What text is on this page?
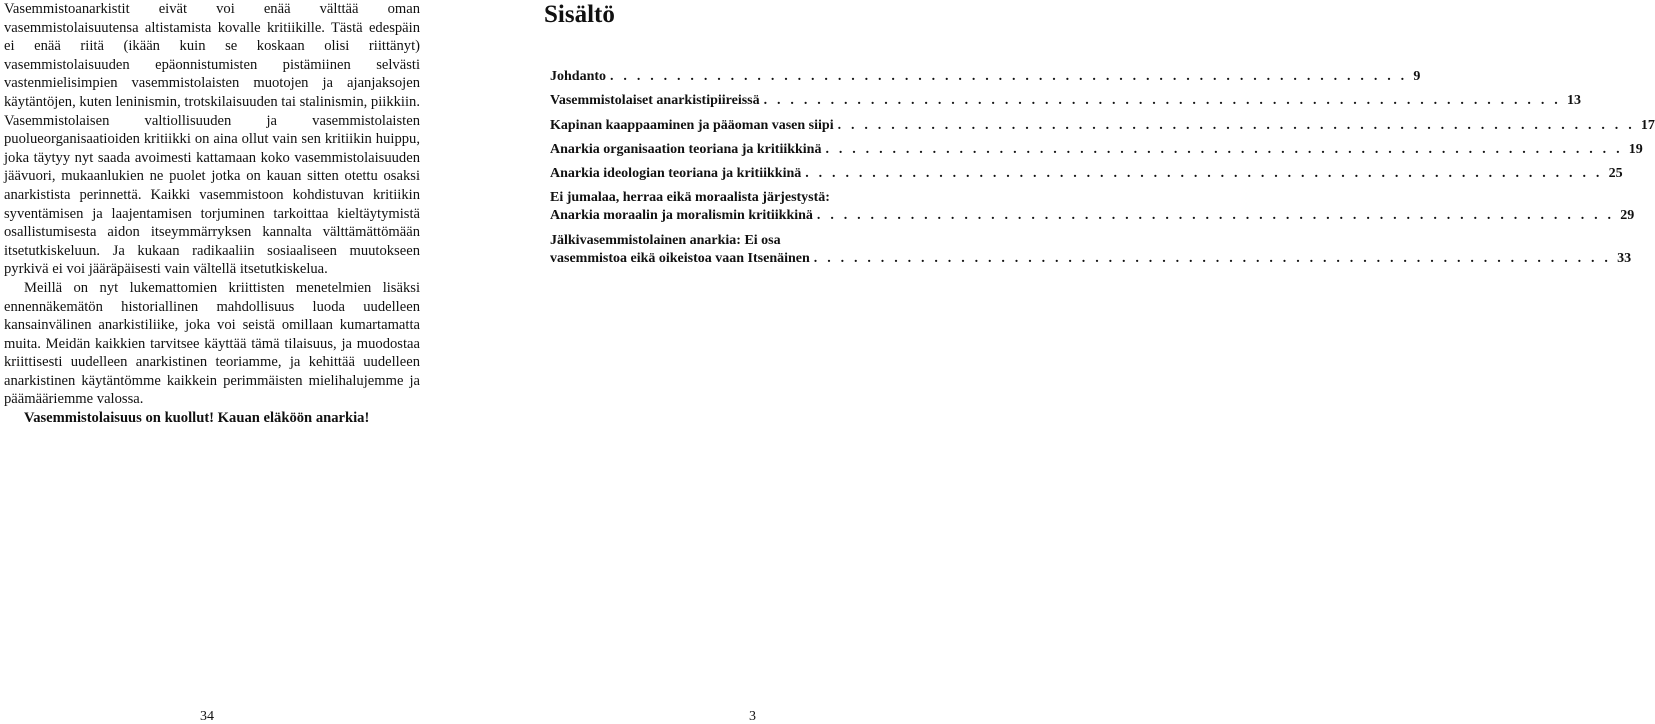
Vasemmistoanarkistit eivät voi enää välttää oman vasemmistolaisuutensa altistamista kovalle kritiikille. Tästä edespäin ei enää riitä (ikään kuin se koskaan olisi riittänyt) vasemmistolaisuuden epäonnistumisten pistämiinen selvästi vastenmielisimpien vasemmistolaisten muotojen ja ajanjaksojen käytäntöjen, kuten leninismin, trotskilaisuuden tai stalinismin, piikkiin. Vasemmistolaisen valtiollisuuden ja vasemmistolaisten puolueorganisaatioiden kritiikki on aina ollut vain sen kritiikin huippu, joka täytyy nyt saada avoimesti kattamaan koko vasemmistolaisuuden jäävuori, mukaanlukien ne puolet jotka on kauan sitten otettu osaksi anarkistista perinnettä. Kaikki vasemmistoon kohdistuvan kritiikin syventämisen ja laajentamisen torjuminen tarkoittaa kieltäytymistä osallistumisesta aidon itseymmärryksen kannalta välttämättömään itsetutkiskeluun. Ja kukaan radikaaliin sosiaaliseen muutokseen pyrkivä ei voi jääräpäisesti vain vältellä itsetutkiskelua.

Meillä on nyt lukemattomien kriittisten menetelmien lisäksi ennennäkemätön historiallinen mahdollisuus luoda uudelleen kansainvälinen anarkistiliike, joka voi seistä omillaan kumartamatta muita. Meidän kaikkien tarvitsee käyttää tämä tilaisuus, ja muodostaa kriittisesti uudelleen anarkistinen teoriamme, ja kehittää uudelleen anarkistinen käytäntömme kaikkein perimmäisten mielihalujemme ja päämääriemme valossa.

Vasemmistolaisuus on kuollut! Kauan eläköön anarkia!

34
Sisältö
Johdanto . . . . . . . . . . . . . . . . . . . . . . . . . . . . . . . . . . . . . . . . . . . . . . . . . . . . . . . . . . . . 9
Vasemmistolaiset anarkistipiireissä . . . . . . . . . . . . . . . . . . . . . . . . . . . . . . . . . . . . . . . . . . . . . . . . . . . . . . . . . . . . 13
Kapinan kaappaaminen ja pääoman vasen siipi . . . . . . . . . . . . . . . . . . . . . . . . . . . . . . . . . . . . . . . . . . . . . . . . . . . . . . . . . . . . 17
Anarkia organisaation teoriana ja kritiikkinä . . . . . . . . . . . . . . . . . . . . . . . . . . . . . . . . . . . . . . . . . . . . . . . . . . . . . . . . . . . . 19
Anarkia ideologian teoriana ja kritiikkinä . . . . . . . . . . . . . . . . . . . . . . . . . . . . . . . . . . . . . . . . . . . . . . . . . . . . . . . . . . . . 25
Ei jumalaa, herraa eikä moraalista järjestystä:
Anarkia moraalin ja moralismin kritiikkinä . . . . . . . . . . . . . . . . . . . . . . . . . . . . . . . . . . . . . . . . . . . . . . . . . . . . . . . . . . . . 29
Jälkivasemmistolainen anarkia: Ei osa
vasemmistoa eikä oikeistoa vaan Itsenäinen . . . . . . . . . . . . . . . . . . . . . . . . . . . . . . . . . . . . . . . . . . . . . . . . . . . . . . . . . . . . 33
3
